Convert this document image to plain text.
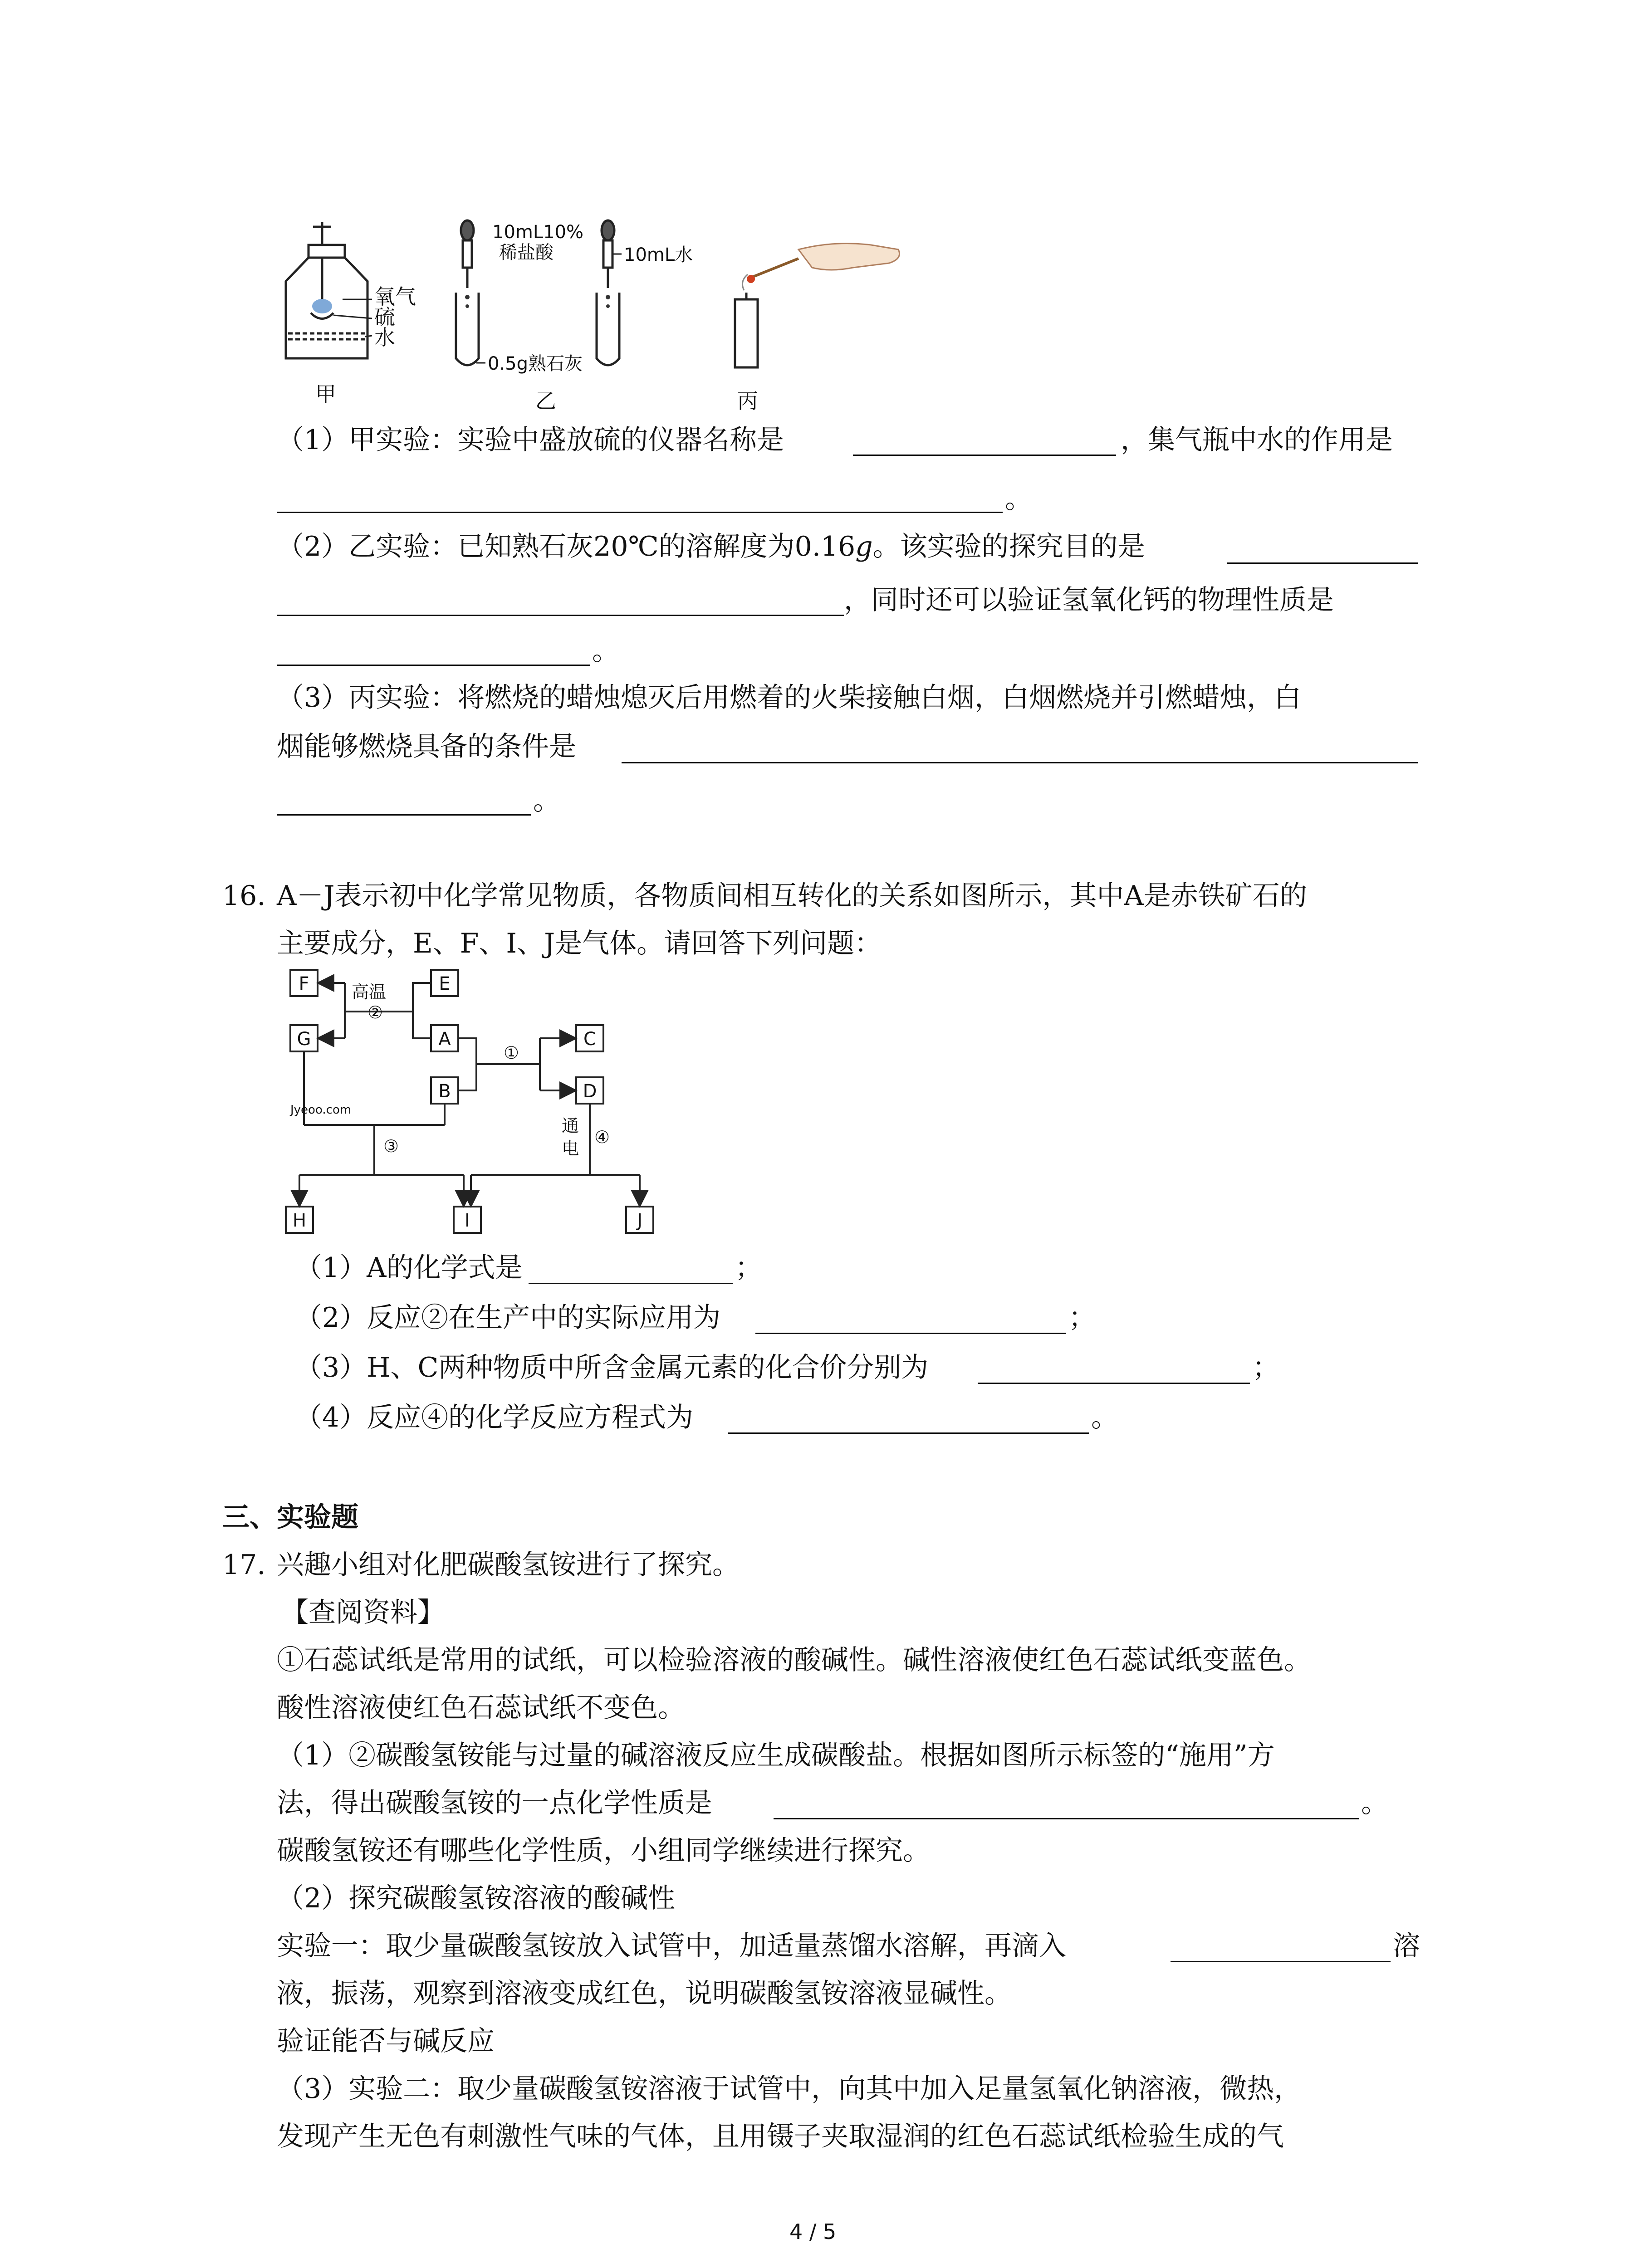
氧气
硫
水
甲
10mL10%
稀盐酸
0.5g熟石灰
10mL水
乙	丙
（1）甲实验：实验中盛放硫的仪器名称是	，集气瓶中水的作用是
。
（2）乙实验：已知熟石灰20℃的溶解度为0.16g。该实验的探究目的是
，同时还可以验证氢氧化钙的物理性质是
。
（3）丙实验：将燃烧的蜡烛熄灭后用燃着的火柴接触白烟，白烟燃烧并引燃蜡烛，白
烟能够燃烧具备的条件是
。
16. A－J表示初中化学常见物质，各物质间相互转化的关系如图所示，其中A是赤铁矿石的
主要成分，E、F、I、J是气体。请回答下列问题：
F	E
G	A	C
B	D
H	I	J
高温
②
①
③
通
电
④
Jyeoo.com
（1）A的化学式是	；
（2）反应②在生产中的实际应用为	；
（3）H、C两种物质中所含金属元素的化合价分别为	；
（4）反应④的化学反应方程式为	。
三、实验题
17. 兴趣小组对化肥碳酸氢铵进行了探究。
【查阅资料】
①石蕊试纸是常用的试纸，可以检验溶液的酸碱性。碱性溶液使红色石蕊试纸变蓝色。
酸性溶液使红色石蕊试纸不变色。
（1）②碳酸氢铵能与过量的碱溶液反应生成碳酸盐。根据如图所示标签的“施用”方
法，得出碳酸氢铵的一点化学性质是	。
碳酸氢铵还有哪些化学性质，小组同学继续进行探究。
（2）探究碳酸氢铵溶液的酸碱性
实验一：取少量碳酸氢铵放入试管中，加适量蒸馏水溶解，再滴入	溶
液，振荡，观察到溶液变成红色，说明碳酸氢铵溶液显碱性。
验证能否与碱反应
（3）实验二：取少量碳酸氢铵溶液于试管中，向其中加入足量氢氧化钠溶液，微热，
发现产生无色有刺激性气味的气体，且用镊子夹取湿润的红色石蕊试纸检验生成的气
4 / 5
